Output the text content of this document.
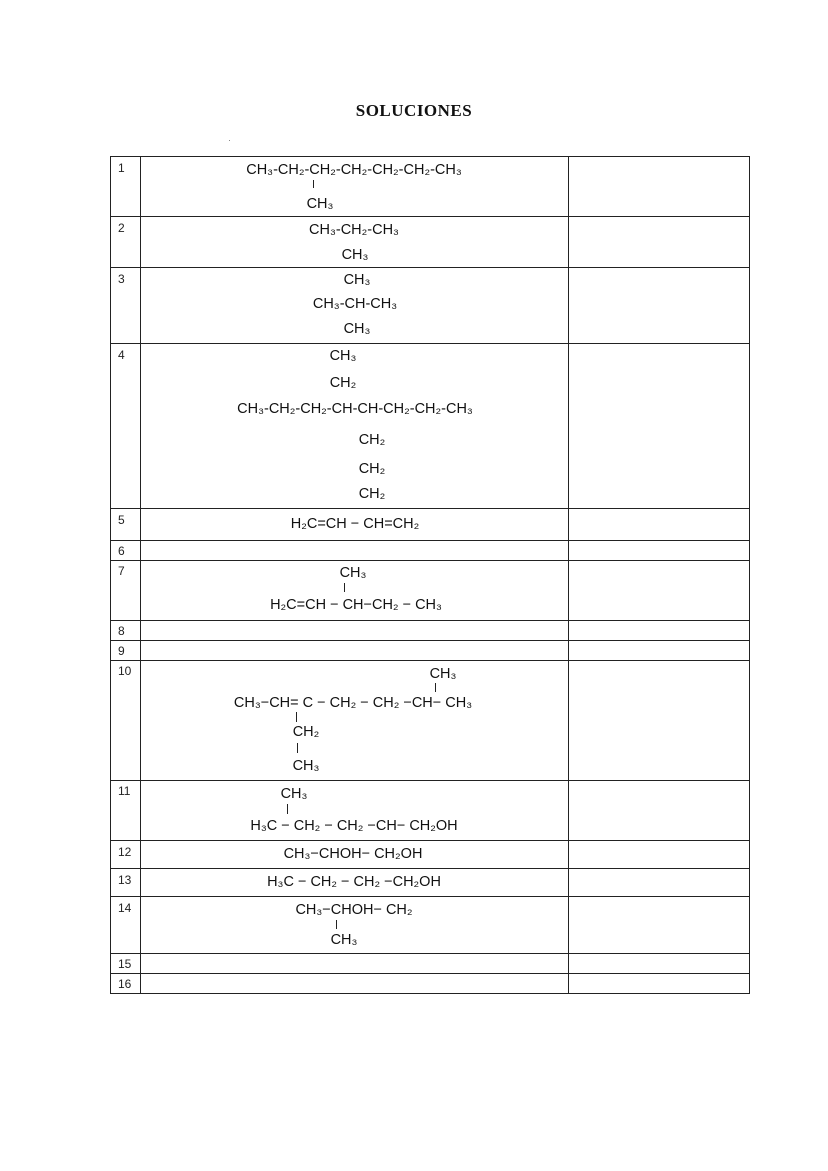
SOLUCIONES
1
2
3
4
5
6
7
8
9
10
11
12
13
14
15
16
CH₃-CH₂-CH₂-CH₂-CH₂-CH₂-CH₃
CH₃
CH₃-CH₂-CH₃
CH₃
CH₃
CH₃-CH-CH₃
CH₃
CH₃
CH₂
CH₃-CH₂-CH₂-CH-CH-CH₂-CH₂-CH₃
CH₂
CH₂
CH₂
H₂C=CH − CH=CH₂
CH₃
H₂C=CH − CH−CH₂ − CH₃
CH₃
CH₃−CH= C − CH₂ − CH₂ −CH− CH₃
CH₂
CH₃
CH₃
H₃C − CH₂ − CH₂ −CH− CH₂OH
CH₃−CHOH− CH₂OH
H₃C − CH₂ − CH₂ −CH₂OH
CH₃−CHOH− CH₂
CH₃
